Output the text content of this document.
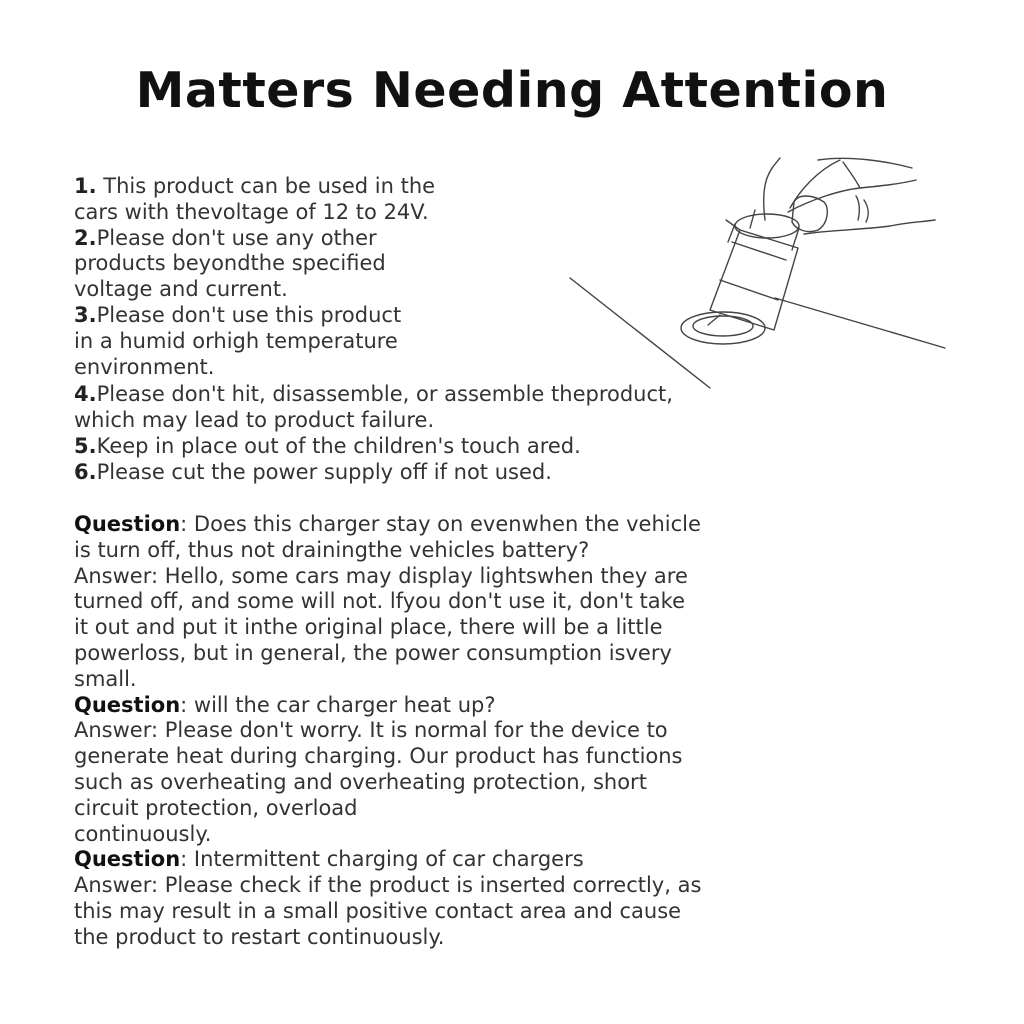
Matters Needing Attention
1. This product can be used in the
cars with thevoltage of 12 to 24V.
2.Please don't use any other
products beyondthe specified
voltage and current.
3.Please don't use this product
in a humid orhigh temperature
environment.
4.Please don't hit, disassemble, or assemble theproduct,
which may lead to product failure.
5.Keep in place out of the children's touch ared.
6.Please cut the power supply off if not used.
Question: Does this charger stay on evenwhen the vehicle
is turn off, thus not drainingthe vehicles battery?
Answer: Hello, some cars may display lightswhen they are
turned off, and some will not. lfyou don't use it, don't take
it out and put it inthe original place, there will be a little
powerloss, but in general, the power consumption isvery
small.
Question: will the car charger heat up?
Answer: Please don't worry. It is normal for the device to
generate heat during charging. Our product has functions
such as overheating and overheating protection, short
circuit protection, overload
continuously.
Question: Intermittent charging of car chargers
Answer: Please check if the product is inserted correctly, as
this may result in a small positive contact area and cause
the product to restart continuously.
